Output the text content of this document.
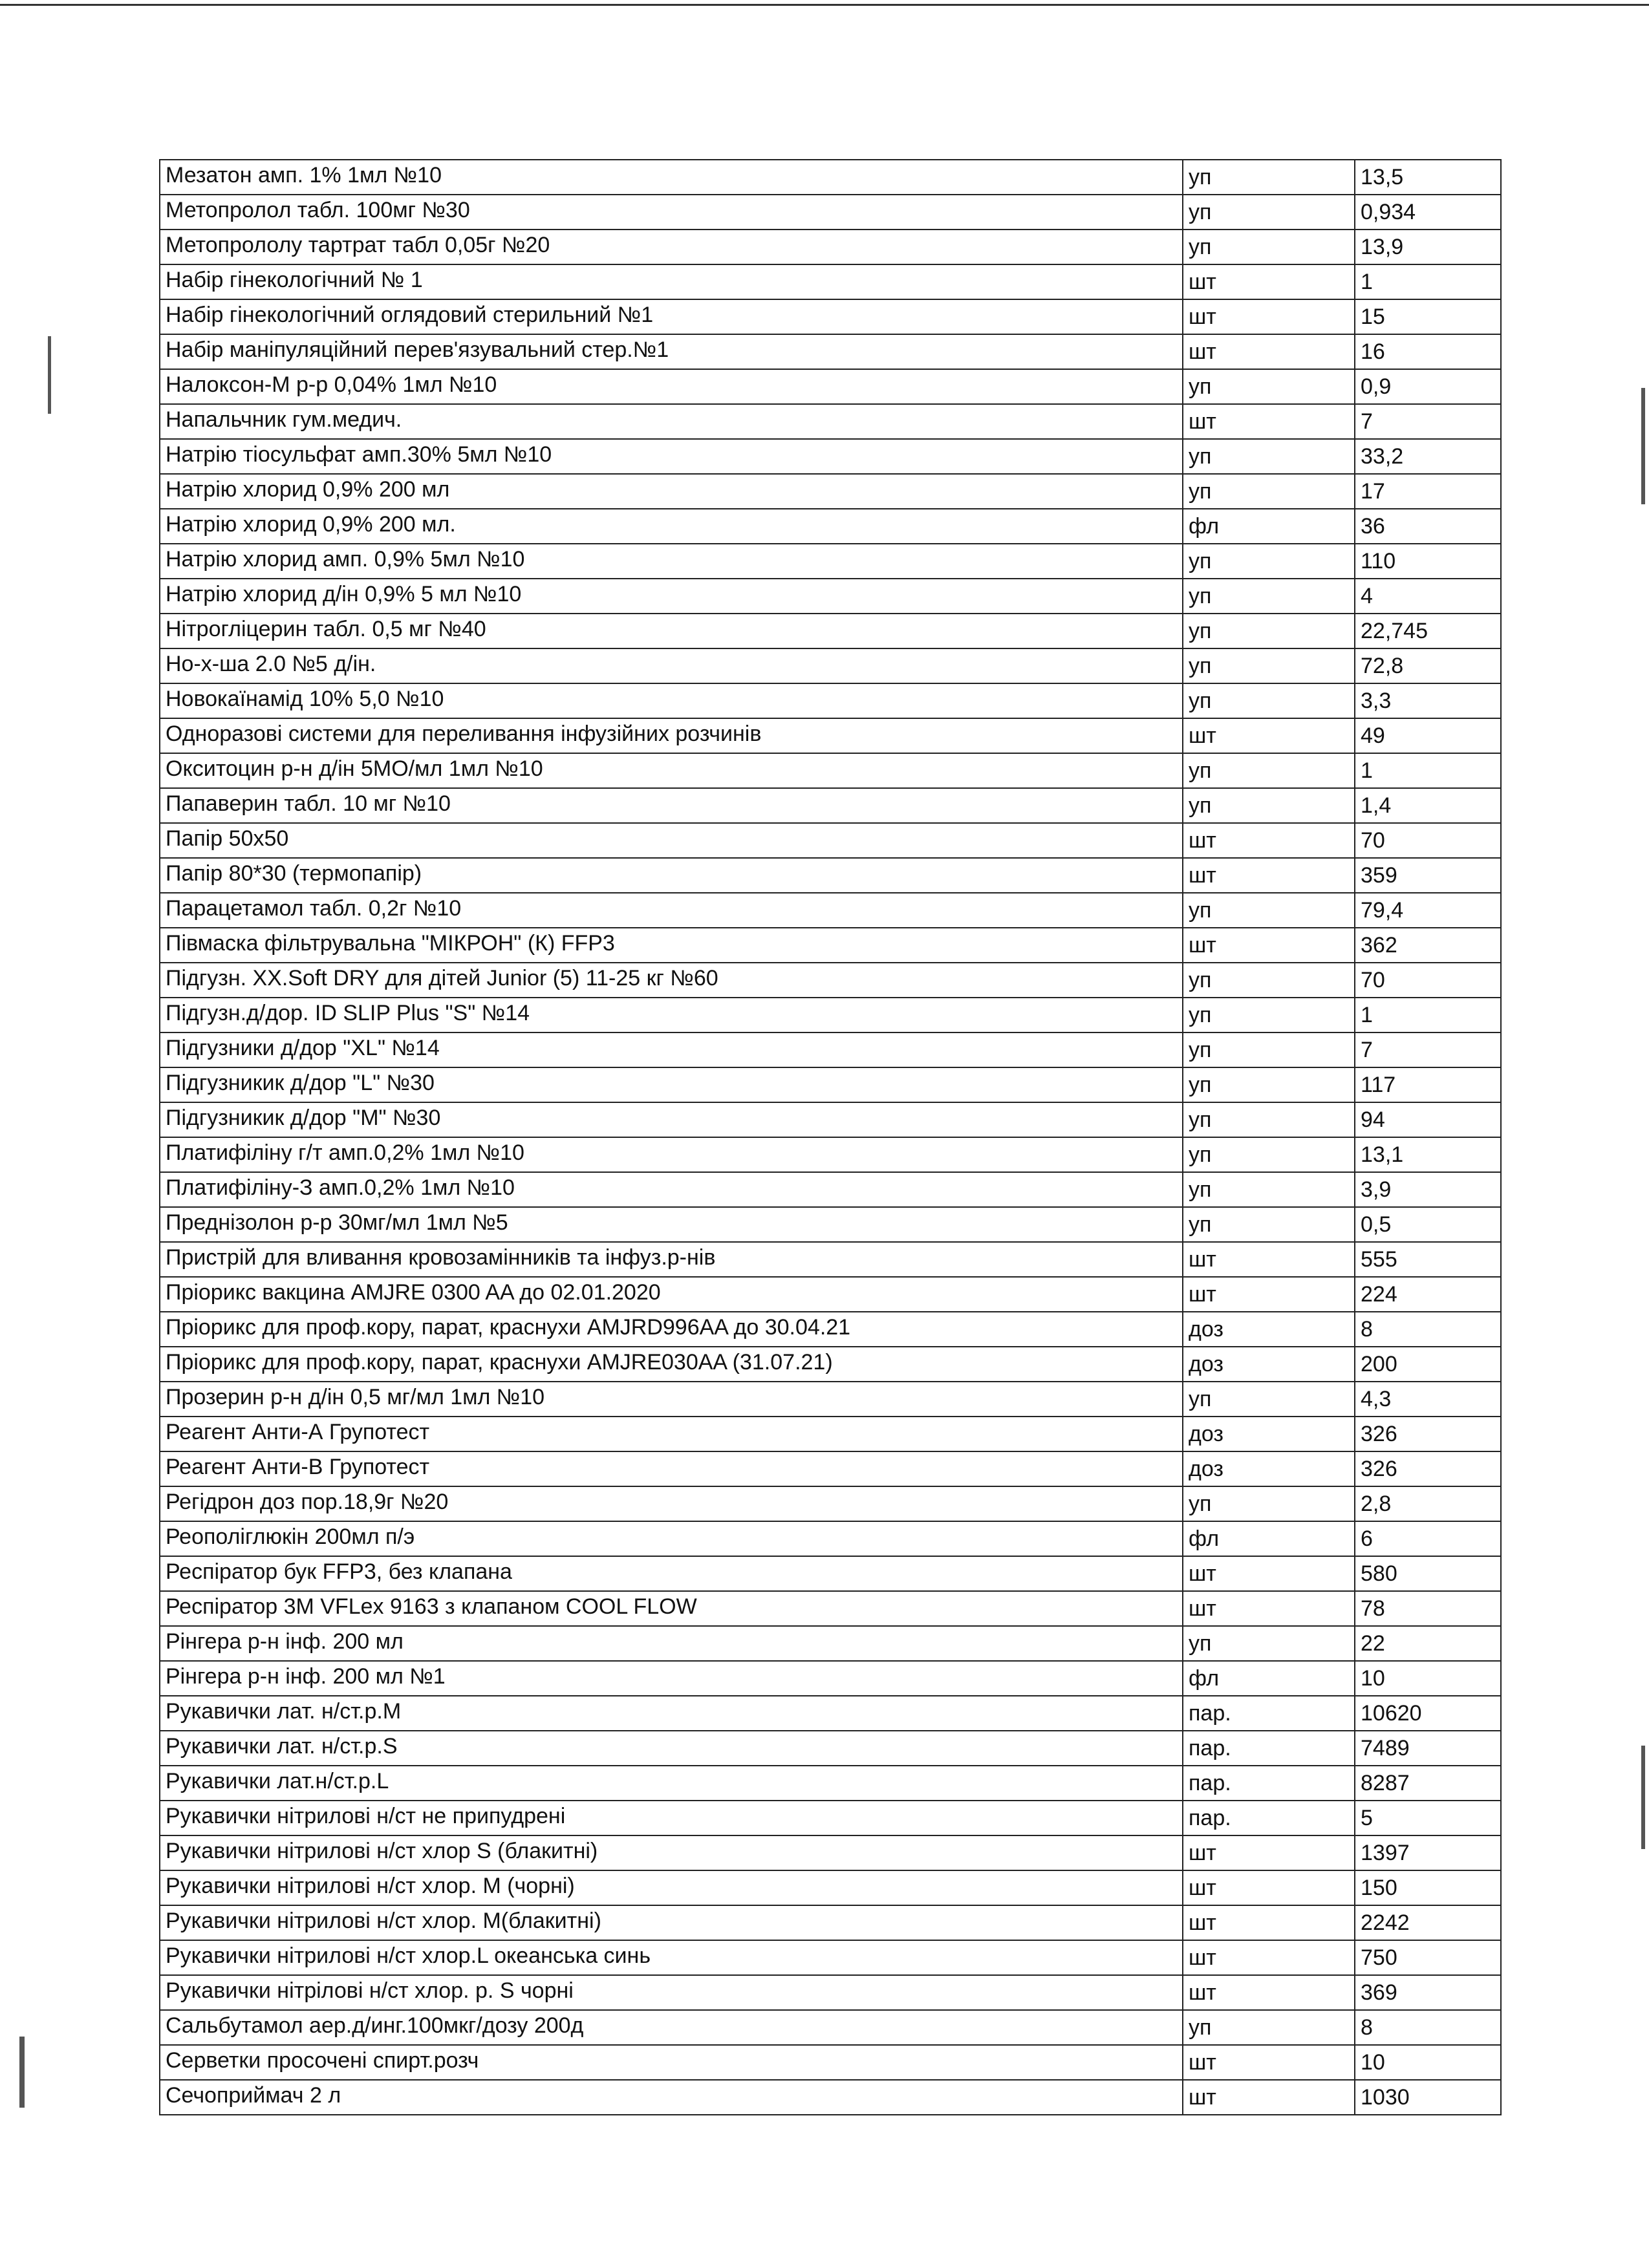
Мезатон амп. 1% 1мл №10	уп	13,5
Метопролол табл. 100мг №30	уп	0,934
Метопрололу тартрат табл 0,05г №20	уп	13,9
Набір гінекологічний № 1	шт	1
Набір гінекологічний оглядовий стерильний №1	шт	15
Набір маніпуляційний перев'язувальний стер.№1	шт	16
Налоксон-М р-р 0,04% 1мл №10	уп	0,9
Напальчник гум.медич.	шт	7
Натрію тіосульфат амп.30% 5мл №10	уп	33,2
Натрію хлорид 0,9% 200 мл	уп	17
Натрію хлорид 0,9% 200 мл.	фл	36
Натрію хлорид амп. 0,9% 5мл №10	уп	110
Натрію хлорид д/ін 0,9% 5 мл №10	уп	4
Нітрогліцерин табл. 0,5 мг №40	уп	22,745
Но-х-ша 2.0 №5 д/ін.	уп	72,8
Новокаїнамід 10% 5,0 №10	уп	3,3
Одноразові системи для переливання інфузійних розчинів	шт	49
Окситоцин р-н д/ін 5МО/мл 1мл №10	уп	1
Папаверин табл. 10 мг №10	уп	1,4
Папір 50х50	шт	70
Папір 80*30 (термопапір)	шт	359
Парацетамол табл. 0,2г №10	уп	79,4
Півмаска фільтрувальна "МІКРОН" (К) FFP3	шт	362
Підгузн. XX.Soft DRY для дітей Junior (5) 11-25 кг №60	уп	70
Підгузн.д/дор. ID SLIP Plus "S" №14	уп	1
Підгузники д/дор "XL" №14	уп	7
Підгузникик д/дор "L" №30	уп	117
Підгузникик д/дор "M" №30	уп	94
Платифіліну г/т амп.0,2% 1мл №10	уп	13,1
Платифіліну-З амп.0,2% 1мл №10	уп	3,9
Преднізолон р-р 30мг/мл 1мл №5	уп	0,5
Пристрій для вливання кровозамінників та інфуз.р-нів	шт	555
Пріорикс вакцина AMJRE 0300 AA до 02.01.2020	шт	224
Пріорикс для проф.кору, парат, краснухи AMJRD996AA до 30.04.21	доз	8
Пріорикс для проф.кору, парат, краснухи AMJRE030AA (31.07.21)	доз	200
Прозерин р-н д/ін 0,5 мг/мл 1мл №10	уп	4,3
Реагент Анти-А Групотест	доз	326
Реагент Анти-В Групотест	доз	326
Регідрон доз пор.18,9г №20	уп	2,8
Реополіглюкін 200мл п/э	фл	6
Респіратор бук FFP3, без клапана	шт	580
Респіратор 3M VFLex 9163 з клапаном COOL FLOW	шт	78
Рінгера р-н інф. 200 мл	уп	22
Рінгера р-н інф. 200 мл №1	фл	10
Рукавички лат. н/ст.р.M	пар.	10620
Рукавички лат. н/ст.р.S	пар.	7489
Рукавички лат.н/ст.р.L	пар.	8287
Рукавички нітрилові н/ст не припудрені	пар.	5
Рукавички нітрилові н/ст хлор S (блакитні)	шт	1397
Рукавички нітрилові н/ст хлор. M (чорні)	шт	150
Рукавички нітрилові н/ст хлор. M(блакитні)	шт	2242
Рукавички нітрилові н/ст хлор.L океанська синь	шт	750
Рукавички нітрілові н/ст хлор. р. S чорні	шт	369
Сальбутамол аер.д/инг.100мкг/дозу 200д	уп	8
Серветки просочені спирт.розч	шт	10
Сечоприймач 2 л	шт	1030
